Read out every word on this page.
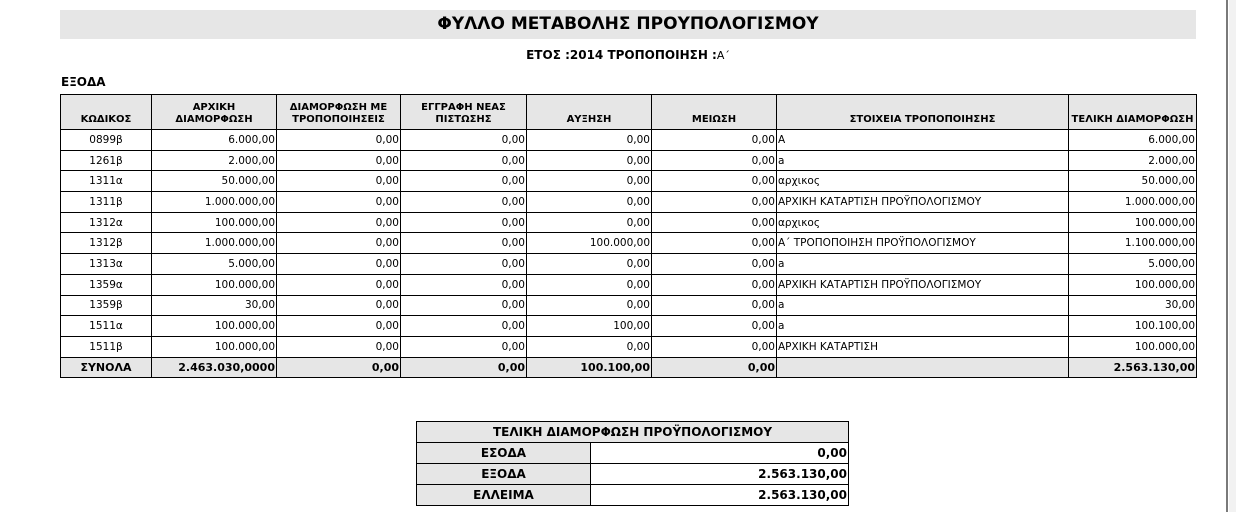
ΦΥΛΛΟ ΜΕΤΑΒΟΛΗΣ ΠΡΟΥΠΟΛΟΓΙΣΜΟΥ
ΕΤΟΣ :2014 ΤΡΟΠΟΠΟΙΗΣΗ :Α΄
ΕΞΟΔΑ
ΚΩΔΙΚΟΣ	ΑΡΧΙΚΗ ΔΙΑΜΟΡΦΩΣΗ	ΔΙΑΜΟΡΦΩΣΗ ΜΕ ΤΡΟΠΟΠΟΙΗΣΕΙΣ	ΕΓΓΡΑΦΗ ΝΕΑΣ ΠΙΣΤΩΣΗΣ	ΑΥΞΗΣΗ	ΜΕΙΩΣΗ	ΣΤΟΙΧΕΙΑ ΤΡΟΠΟΠΟΙΗΣΗΣ	ΤΕΛΙΚΗ ΔΙΑΜΟΡΦΩΣΗ
0899β	6.000,00	0,00	0,00	0,00	0,00	Α	6.000,00
1261β	2.000,00	0,00	0,00	0,00	0,00	a	2.000,00
1311α	50.000,00	0,00	0,00	0,00	0,00	αρχικος	50.000,00
1311β	1.000.000,00	0,00	0,00	0,00	0,00	ΑΡΧΙΚΗ ΚΑΤΑΡΤΙΣΗ ΠΡΟΫΠΟΛΟΓΙΣΜΟΥ	1.000.000,00
1312α	100.000,00	0,00	0,00	0,00	0,00	αρχικος	100.000,00
1312β	1.000.000,00	0,00	0,00	100.000,00	0,00	Α΄ ΤΡΟΠΟΠΟΙΗΣΗ ΠΡΟΫΠΟΛΟΓΙΣΜΟΥ	1.100.000,00
1313α	5.000,00	0,00	0,00	0,00	0,00	a	5.000,00
1359α	100.000,00	0,00	0,00	0,00	0,00	ΑΡΧΙΚΗ ΚΑΤΑΡΤΙΣΗ ΠΡΟΫΠΟΛΟΓΙΣΜΟΥ	100.000,00
1359β	30,00	0,00	0,00	0,00	0,00	a	30,00
1511α	100.000,00	0,00	0,00	100,00	0,00	a	100.100,00
1511β	100.000,00	0,00	0,00	0,00	0,00	ΑΡΧΙΚΗ ΚΑΤΑΡΤΙΣΗ	100.000,00
ΣΥΝΟΛΑ	2.463.030,0000	0,00	0,00	100.100,00	0,00		2.563.130,00
ΤΕΛΙΚΗ ΔΙΑΜΟΡΦΩΣΗ ΠΡΟΫΠΟΛΟΓΙΣΜΟΥ	
ΕΣΟΔΑ	0,00
ΕΞΟΔΑ	2.563.130,00
ΕΛΛΕΙΜΑ	2.563.130,00
